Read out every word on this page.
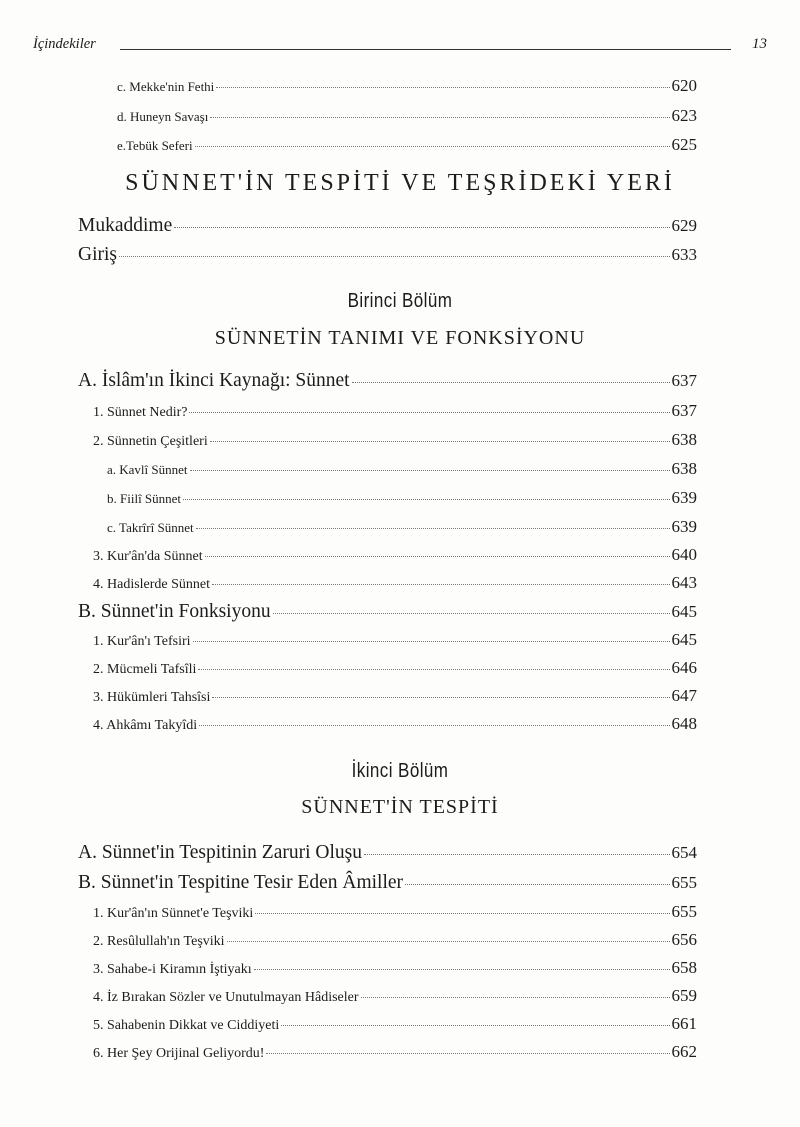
İçindekiler	13
c. Mekke'nin Fethi	620
d. Huneyn Savaşı	623
e.Tebük Seferi	625
SÜNNET'İN TESPİTİ VE TEŞRİDEKİ YERİ
Mukaddime	629
Giriş	633
Birinci Bölüm
SÜNNETİN TANIMI VE FONKSİYONU
A. İslâm'ın İkinci Kaynağı: Sünnet	637
1. Sünnet Nedir?	637
2. Sünnetin Çeşitleri	638
a. Kavlî Sünnet	638
b. Fiilî Sünnet	639
c. Takrîrî Sünnet	639
3. Kur'ân'da Sünnet	640
4. Hadislerde Sünnet	643
B. Sünnet'in Fonksiyonu	645
1. Kur'ân'ı Tefsiri	645
2. Mücmeli Tafsîli	646
3. Hükümleri Tahsîsi	647
4. Ahkâmı Takyîdi	648
İkinci Bölüm
SÜNNET'İN TESPİTİ
A. Sünnet'in Tespitinin Zaruri Oluşu	654
B. Sünnet'in Tespitine Tesir Eden Âmiller	655
1. Kur'ân'ın Sünnet'e Teşviki	655
2. Resûlullah'ın Teşviki	656
3. Sahabe-i Kiramın İştiyakı	658
4. İz Bırakan Sözler ve Unutulmayan Hâdiseler	659
5. Sahabenin Dikkat ve Ciddiyeti	661
6. Her Şey Orijinal Geliyordu!	662
